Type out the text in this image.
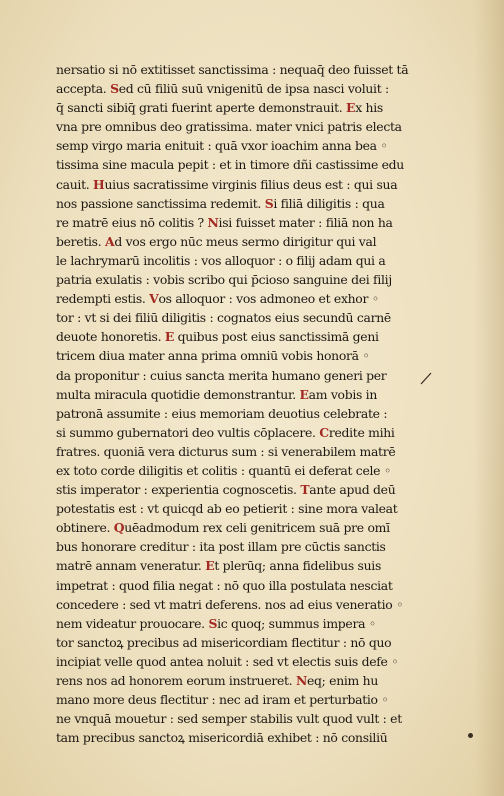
nersatio si nō extitisset sanctissima : nequaq̄ deo fuisset tā
accepta. Sed cū filiū suū vnigenitū de ipsa nasci voluit :
q̄ sancti sibiq̄ grati fuerint aperte demonstrauit. Ex his
vna pre omnibus deo gratissima. mater vnici patris electa
semp virgo maria enituit : quā vxor ioachim anna bea ◦
tissima sine macula pepit : et in timore dñi castissime edu
cauit. Huius sacratissime virginis filius deus est : qui sua
nos passione sanctissima redemit. Si filiā diligitis : qua
re matrē eius nō colitis ? Nisi fuisset mater : filiā non ha
beretis. Ad vos ergo nūc meus sermo dirigitur qui val
le lachrymarū incolitis : vos alloquor : o filij adam qui a
patria exulatis : vobis scribo qui p̄cioso sanguine dei filij
redempti estis. Vos alloquor : vos admoneo et exhor ◦
tor : vt si dei filiū diligitis : cognatos eius secundū carnē
deuote honoretis. E quibus post eius sanctissimā geni
tricem diua mater anna prima omniū vobis honorā ◦
da proponitur : cuius sancta merita humano generi per
multa miracula quotidie demonstrantur. Eam vobis in
patronā assumite : eius memoriam deuotius celebrate :
si summo gubernatori deo vultis cōplacere. Credite mihi
fratres. quoniā vera dicturus sum : si venerabilem matrē
ex toto corde diligitis et colitis : quantū ei deferat cele ◦
stis imperator : experientia cognoscetis. Tante apud deū
potestatis est : vt quicqd ab eo petierit : sine mora valeat
obtinere. Quēadmodum rex celi genitricem suā pre omī
bus honorare creditur : ita post illam pre cūctis sanctis
matrē annam veneratur. Et plerūq; anna fidelibus suis
impetrat : quod filia negat : nō quo illa postulata nesciat
concedere : sed vt matri deferens. nos ad eius veneratio ◦
nem videatur prouocare. Sic quoq; summus impera ◦
tor sanctoꝝ precibus ad misericordiam flectitur : nō quo
incipiat velle quod antea noluit : sed vt electis suis defe ◦
rens nos ad honorem eorum instrueret. Neq; enim hu
mano more deus flectitur : nec ad iram et perturbatio ◦
ne vnquā mouetur : sed semper stabilis vult quod vult : et
tam precibus sanctoꝝ misericordiā exhibet : nō consiliū
